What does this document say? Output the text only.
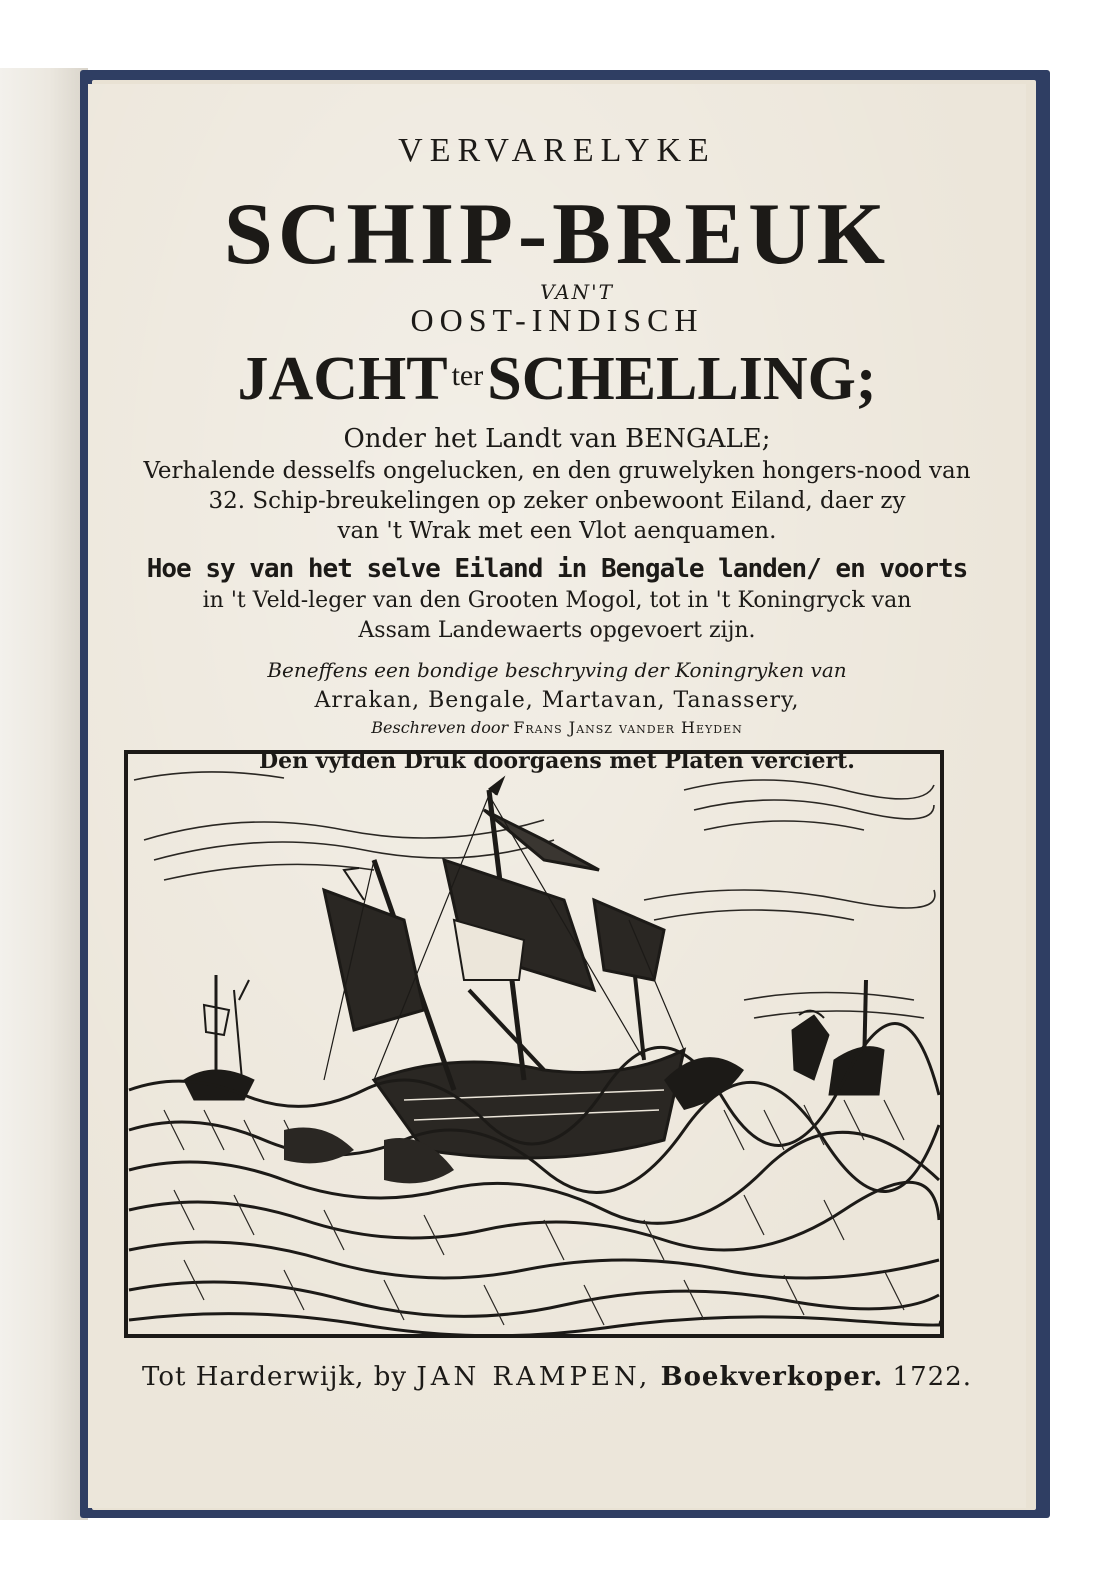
VERVARELYKE
SCHIP-BREUK
VAN'T
OOST-INDISCH
JACHT $^{ter}$SCHELLING;
Onder het Landt van BENGALE;
Verhalende desselfs ongelucken, en den gruwelyken hongers-nood van
32. Schip-breukelingen op zeker onbewoont Eiland, daer zy
van 't Wrak met een Vlot aenquamen.
Hoe sy van het selve Eiland in Bengale landen/ en voorts
in 't Veld-leger van den Grooten Mogol, tot in 't Koningryck van
Assam Landewaerts opgevoert zijn.
Beneffens een bondige beschryving der Koningryken van
Arrakan, Bengale, Martavan, Tanassery,
Beschreven door Frans Jansz vander Heyden
Den vyfden Druk doorgaens met Platen verciert.
Tot Harderwijk, by JAN RAMPEN, Boekverkoper. 1722.
